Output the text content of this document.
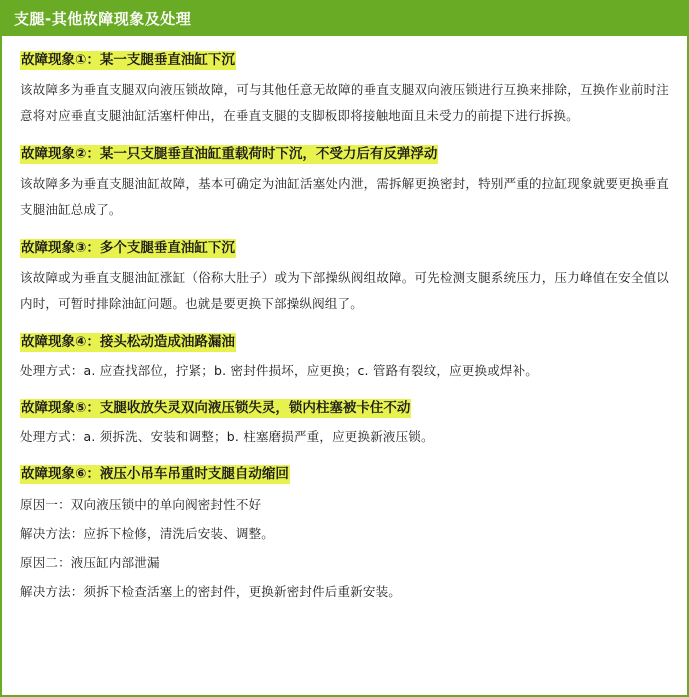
支腿-其他故障现象及处理
故障现象①：某一支腿垂直油缸下沉
该故障多为垂直支腿双向液压锁故障，可与其他任意无故障的垂直支腿双向液压锁进行互换来排除，互换作业前时注意将对应垂直支腿油缸活塞杆伸出，在垂直支腿的支脚板即将接触地面且未受力的前提下进行拆换。
故障现象②：某一只支腿垂直油缸重载荷时下沉，不受力后有反弹浮动
该故障多为垂直支腿油缸故障，基本可确定为油缸活塞处内泄，需拆解更换密封，特别严重的拉缸现象就要更换垂直支腿油缸总成了。
故障现象③：多个支腿垂直油缸下沉
该故障或为垂直支腿油缸涨缸（俗称大肚子）或为下部操纵阀组故障。可先检测支腿系统压力，压力峰值在安全值以内时，可暂时排除油缸问题。也就是要更换下部操纵阀组了。
故障现象④：接头松动造成油路漏油
处理方式：a. 应查找部位，拧紧；b. 密封件损坏，应更换；c. 管路有裂纹，应更换或焊补。
故障现象⑤：支腿收放失灵双向液压锁失灵，锁内柱塞被卡住不动
处理方式：a. 须拆洗、安装和调整；b. 柱塞磨损严重，应更换新液压锁。
故障现象⑥：液压小吊车吊重时支腿自动缩回
原因一：双向液压锁中的单向阀密封性不好
解决方法：应拆下检修，清洗后安装、调整。
原因二：液压缸内部泄漏
解决方法：须拆下检查活塞上的密封件，更换新密封件后重新安装。
